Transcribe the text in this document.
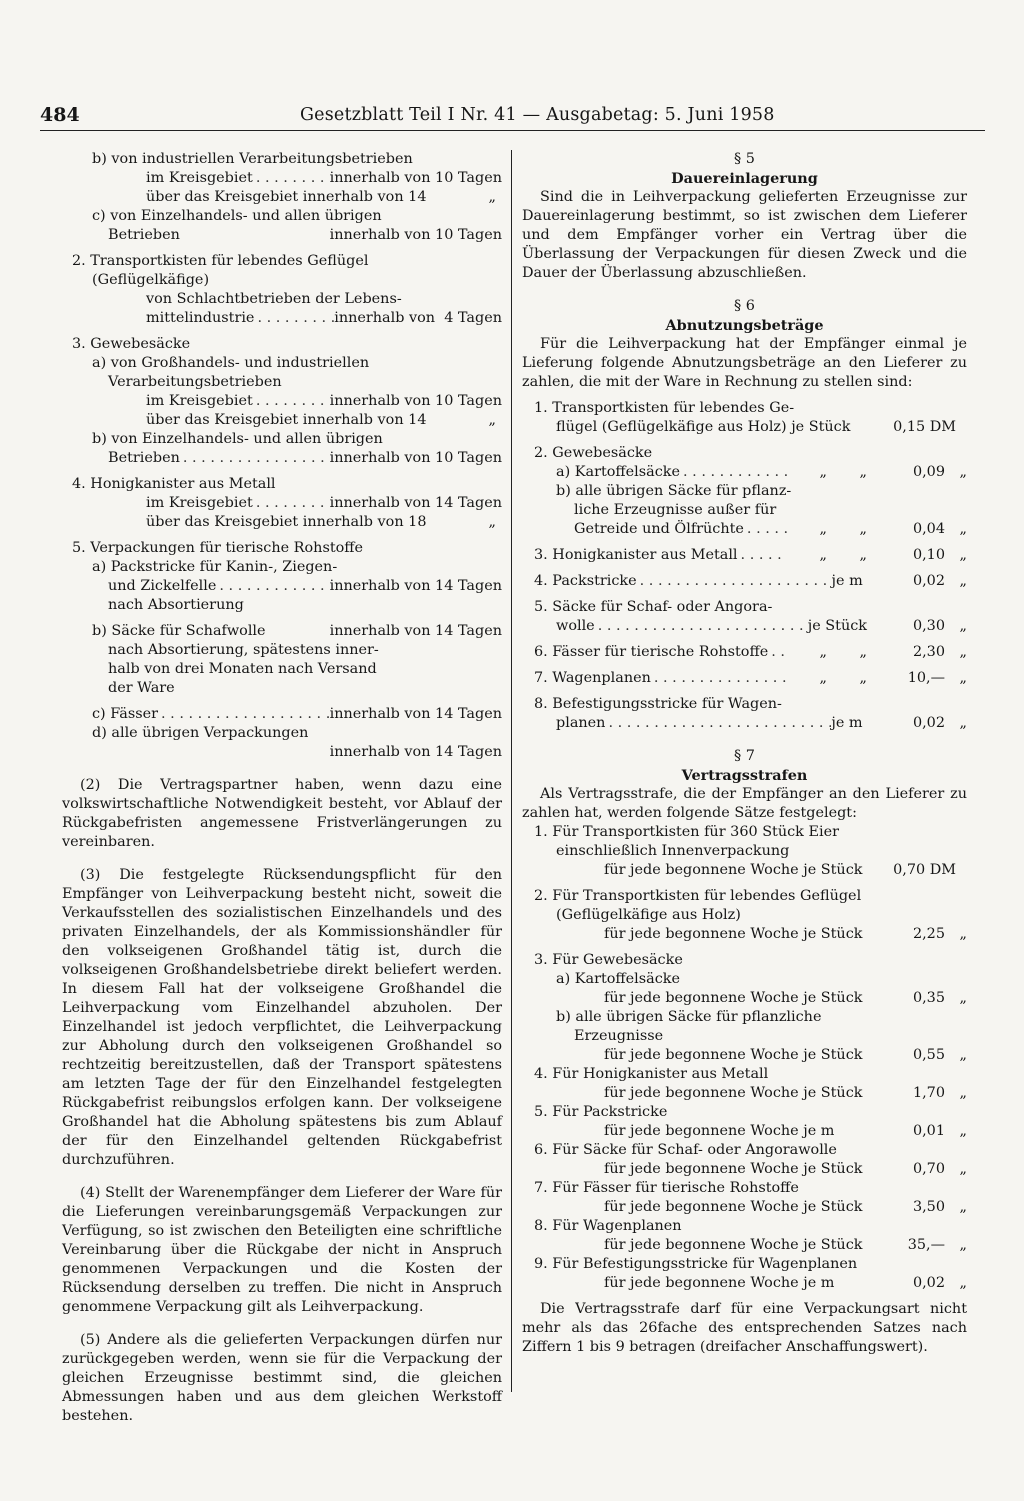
484	Gesetzblatt Teil I Nr. 41 — Ausgabetag: 5. Juni 1958
b) von industriellen Verarbeitungsbetrieben
im Kreisgebiet . . .	innerhalb von 10 Tagen
über das Kreisgebiet innerhalb von 14	„
c) von Einzelhandels- und allen übrigen
Betrieben	innerhalb von 10 Tagen
2. Transportkisten für lebendes Geflügel
(Geflügelkäfige)
von Schlachtbetrieben der Lebens-
mittelindustrie . . .	innerhalb von  4 Tagen
3. Gewebesäcke
a) von Großhandels- und industriellen
Verarbeitungsbetrieben
im Kreisgebiet . . .	innerhalb von 10 Tagen
über das Kreisgebiet innerhalb von 14	„
b) von Einzelhandels- und allen übrigen
Betrieben . . .	innerhalb von 10 Tagen
4. Honigkanister aus Metall
im Kreisgebiet . . .	innerhalb von 14 Tagen
über das Kreisgebiet innerhalb von 18	„
5. Verpackungen für tierische Rohstoffe
a) Packstricke für Kanin-, Ziegen-
und Zickelfelle . . .	innerhalb von 14 Tagen
nach Absortierung
b) Säcke für Schafwolle	innerhalb von 14 Tagen
nach Absortierung, spätestens inner-
halb von drei Monaten nach Versand
der Ware
c) Fässer . . .	innerhalb von 14 Tagen
d) alle übrigen Verpackungen
innerhalb von 14 Tagen
(2) Die Vertragspartner haben, wenn dazu eine volkswirtschaftliche Notwendigkeit besteht, vor Ablauf der Rückgabefristen angemessene Fristverlängerungen zu vereinbaren.
(3) Die festgelegte Rücksendungspflicht für den Empfänger von Leihverpackung besteht nicht, soweit die Verkaufsstellen des sozialistischen Einzelhandels und des privaten Einzelhandels, der als Kommissionshändler für den volkseigenen Großhandel tätig ist, durch die volkseigenen Großhandelsbetriebe direkt beliefert werden. In diesem Fall hat der volkseigene Großhandel die Leihverpackung vom Einzelhandel abzuholen. Der Einzelhandel ist jedoch verpflichtet, die Leihverpackung zur Abholung durch den volkseigenen Großhandel so rechtzeitig bereitzustellen, daß der Transport spätestens am letzten Tage der für den Einzelhandel festgelegten Rückgabefrist reibungslos erfolgen kann. Der volkseigene Großhandel hat die Abholung spätestens bis zum Ablauf der für den Einzelhandel geltenden Rückgabefrist durchzuführen.
(4) Stellt der Warenempfänger dem Lieferer der Ware für die Lieferungen vereinbarungsgemäß Verpackungen zur Verfügung, so ist zwischen den Beteiligten eine schriftliche Vereinbarung über die Rückgabe der nicht in Anspruch genommenen Verpackungen und die Kosten der Rücksendung derselben zu treffen. Die nicht in Anspruch genommene Verpackung gilt als Leihverpackung.
(5) Andere als die gelieferten Verpackungen dürfen nur zurückgegeben werden, wenn sie für die Verpackung der gleichen Erzeugnisse bestimmt sind, die gleichen Abmessungen haben und aus dem gleichen Werkstoff bestehen.
§ 5
Dauereinlagerung
Sind die in Leihverpackung gelieferten Erzeugnisse zur Dauereinlagerung bestimmt, so ist zwischen dem Lieferer und dem Empfänger vorher ein Vertrag über die Überlassung der Verpackungen für diesen Zweck und die Dauer der Überlassung abzuschließen.
§ 6
Abnutzungsbeträge
Für die Leihverpackung hat der Empfänger einmal je Lieferung folgende Abnutzungsbeträge an den Lieferer zu zahlen, die mit der Ware in Rechnung zu stellen sind:
1. Transportkisten für lebendes Ge-
flügel (Geflügelkäfige aus Holz) je Stück	0,15 DM
2. Gewebesäcke
a) Kartoffelsäcke . . .	„	„	0,09	„
b) alle übrigen Säcke für pflanz-
liche Erzeugnisse außer für
Getreide und Ölfrüchte . . .	„	„	0,04	„
3. Honigkanister aus Metall . . .	„	„	0,10	„
4. Packstricke . . .	je m	0,02	„
5. Säcke für Schaf- oder Angora-
wolle . . .	je Stück	0,30	„
6. Fässer für tierische Rohstoffe . . .	„	„	2,30	„
7. Wagenplanen . . .	„	„	10,—	„
8. Befestigungsstricke für Wagen-
planen . . .	je m	0,02	„
§ 7
Vertragsstrafen
Als Vertragsstrafe, die der Empfänger an den Lieferer zu zahlen hat, werden folgende Sätze festgelegt:
1. Für Transportkisten für 360 Stück Eier
einschließlich Innenverpackung
für jede begonnene Woche je Stück	0,70 DM
2. Für Transportkisten für lebendes Geflügel
(Geflügelkäfige aus Holz)
für jede begonnene Woche je Stück	2,25	„
3. Für Gewebesäcke
a) Kartoffelsäcke
für jede begonnene Woche je Stück	0,35	„
b) alle übrigen Säcke für pflanzliche
Erzeugnisse
für jede begonnene Woche je Stück	0,55	„
4. Für Honigkanister aus Metall
für jede begonnene Woche je Stück	1,70	„
5. Für Packstricke
für jede begonnene Woche je m	0,01	„
6. Für Säcke für Schaf- oder Angorawolle
für jede begonnene Woche je Stück	0,70	„
7. Für Fässer für tierische Rohstoffe
für jede begonnene Woche je Stück	3,50	„
8. Für Wagenplanen
für jede begonnene Woche je Stück	35,—	„
9. Für Befestigungsstricke für Wagenplanen
für jede begonnene Woche je m	0,02	„
Die Vertragsstrafe darf für eine Verpackungsart nicht mehr als das 26fache des entsprechenden Satzes nach Ziffern 1 bis 9 betragen (dreifacher Anschaffungswert).
